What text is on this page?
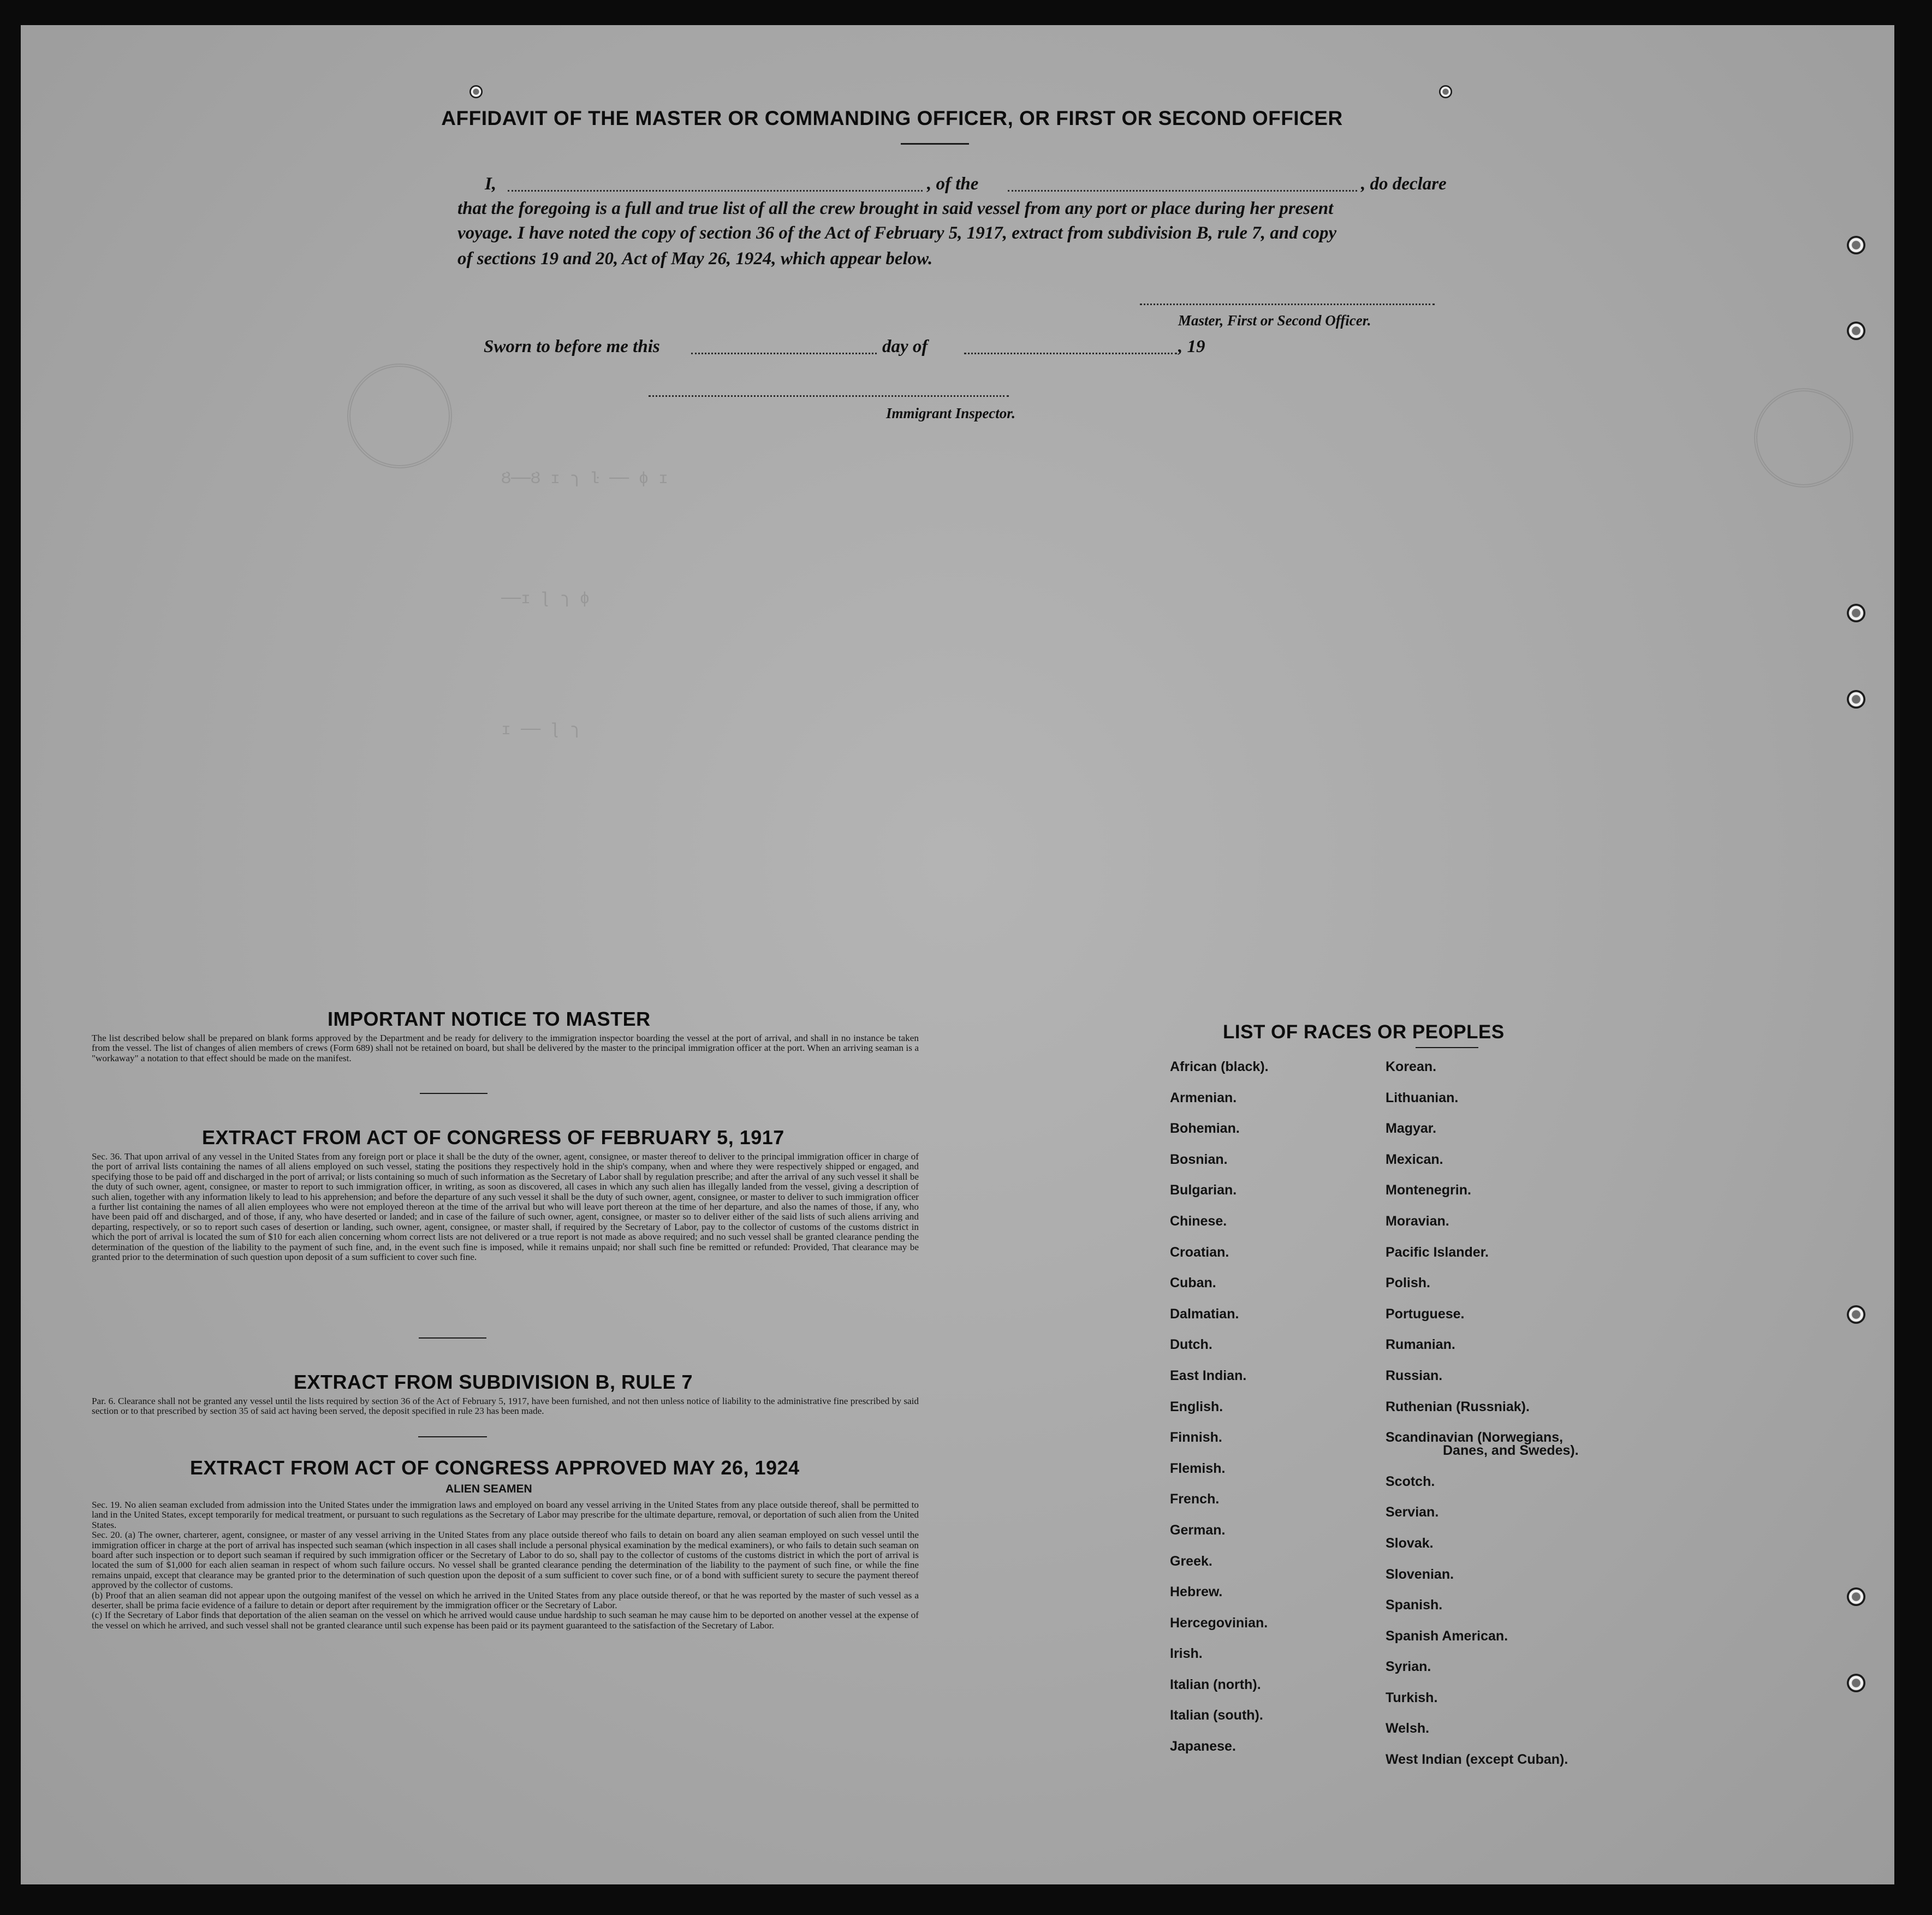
Ȣ──Ȣ ɪ ɿ ŀ ── ɸ ɪ
──ɪ ɭ ɿ ɸ
ɪ ── ɭ ɿ
AFFIDAVIT OF THE MASTER OR COMMANDING OFFICER, OR FIRST OR SECOND OFFICER
I,	, of the	, do declare
that the foregoing is a full and true list of all the crew brought in said vessel from any port or place during her present
voyage. I have noted the copy of section 36 of the Act of February 5, 1917, extract from subdivision B, rule 7, and copy
of sections 19 and 20, Act of May 26, 1924, which appear below.
Master, First or Second Officer.
Sworn to before me this	day of	, 19
Immigrant Inspector.
IMPORTANT NOTICE TO MASTER
The list described below shall be prepared on blank forms approved by the Department and be ready for delivery to the immigration inspector boarding the vessel at the port of arrival, and shall in no instance be taken from the vessel. The list of changes of alien members of crews (Form 689) shall not be retained on board, but shall be delivered by the master to the principal immigration officer at the port. When an arriving seaman is a "workaway" a notation to that effect should be made on the manifest.
EXTRACT FROM ACT OF CONGRESS OF FEBRUARY 5, 1917
Sec. 36. That upon arrival of any vessel in the United States from any foreign port or place it shall be the duty of the owner, agent, consignee, or master thereof to deliver to the principal immigration officer in charge of the port of arrival lists containing the names of all aliens employed on such vessel, stating the positions they respectively hold in the ship's company, when and where they were respectively shipped or engaged, and specifying those to be paid off and discharged in the port of arrival; or lists containing so much of such information as the Secretary of Labor shall by regulation prescribe; and after the arrival of any such vessel it shall be the duty of such owner, agent, consignee, or master to report to such immigration officer, in writing, as soon as discovered, all cases in which any such alien has illegally landed from the vessel, giving a description of such alien, together with any information likely to lead to his apprehension; and before the departure of any such vessel it shall be the duty of such owner, agent, consignee, or master to deliver to such immigration officer a further list containing the names of all alien employees who were not employed thereon at the time of the arrival but who will leave port thereon at the time of her departure, and also the names of those, if any, who have been paid off and discharged, and of those, if any, who have deserted or landed; and in case of the failure of such owner, agent, consignee, or master so to deliver either of the said lists of such aliens arriving and departing, respectively, or so to report such cases of desertion or landing, such owner, agent, consignee, or master shall, if required by the Secretary of Labor, pay to the collector of customs of the customs district in which the port of arrival is located the sum of $10 for each alien concerning whom correct lists are not delivered or a true report is not made as above required; and no such vessel shall be granted clearance pending the determination of the question of the liability to the payment of such fine, and, in the event such fine is imposed, while it remains unpaid; nor shall such fine be remitted or refunded: Provided, That clearance may be granted prior to the determination of such question upon deposit of a sum sufficient to cover such fine.
EXTRACT FROM SUBDIVISION B, RULE 7
Par. 6. Clearance shall not be granted any vessel until the lists required by section 36 of the Act of February 5, 1917, have been furnished, and not then unless notice of liability to the administrative fine prescribed by said section or to that prescribed by section 35 of said act having been served, the deposit specified in rule 23 has been made.
EXTRACT FROM ACT OF CONGRESS APPROVED MAY 26, 1924
ALIEN SEAMEN
Sec. 19. No alien seaman excluded from admission into the United States under the immigration laws and employed on board any vessel arriving in the United States from any place outside thereof, shall be permitted to land in the United States, except temporarily for medical treatment, or pursuant to such regulations as the Secretary of Labor may prescribe for the ultimate departure, removal, or deportation of such alien from the United States.
Sec. 20. (a) The owner, charterer, agent, consignee, or master of any vessel arriving in the United States from any place outside thereof who fails to detain on board any alien seaman employed on such vessel until the immigration officer in charge at the port of arrival has inspected such seaman (which inspection in all cases shall include a personal physical examination by the medical examiners), or who fails to detain such seaman on board after such inspection or to deport such seaman if required by such immigration officer or the Secretary of Labor to do so, shall pay to the collector of customs of the customs district in which the port of arrival is located the sum of $1,000 for each alien seaman in respect of whom such failure occurs. No vessel shall be granted clearance pending the determination of the liability to the payment of such fine, or while the fine remains unpaid, except that clearance may be granted prior to the determination of such question upon the deposit of a sum sufficient to cover such fine, or of a bond with sufficient surety to secure the payment thereof approved by the collector of customs.
(b) Proof that an alien seaman did not appear upon the outgoing manifest of the vessel on which he arrived in the United States from any place outside thereof, or that he was reported by the master of such vessel as a deserter, shall be prima facie evidence of a failure to detain or deport after requirement by the immigration officer or the Secretary of Labor.
(c) If the Secretary of Labor finds that deportation of the alien seaman on the vessel on which he arrived would cause undue hardship to such seaman he may cause him to be deported on another vessel at the expense of the vessel on which he arrived, and such vessel shall not be granted clearance until such expense has been paid or its payment guaranteed to the satisfaction of the Secretary of Labor.
LIST OF RACES OR PEOPLES
African (black).
Armenian.
Bohemian.
Bosnian.
Bulgarian.
Chinese.
Croatian.
Cuban.
Dalmatian.
Dutch.
East Indian.
English.
Finnish.
Flemish.
French.
German.
Greek.
Hebrew.
Hercegovinian.
Irish.
Italian (north).
Italian (south).
Japanese.
Korean.
Lithuanian.
Magyar.
Mexican.
Montenegrin.
Moravian.
Pacific Islander.
Polish.
Portuguese.
Rumanian.
Russian.
Ruthenian (Russniak).
Scandinavian (Norwegians,
Danes, and Swedes).
Scotch.
Servian.
Slovak.
Slovenian.
Spanish.
Spanish American.
Syrian.
Turkish.
Welsh.
West Indian (except Cuban).
